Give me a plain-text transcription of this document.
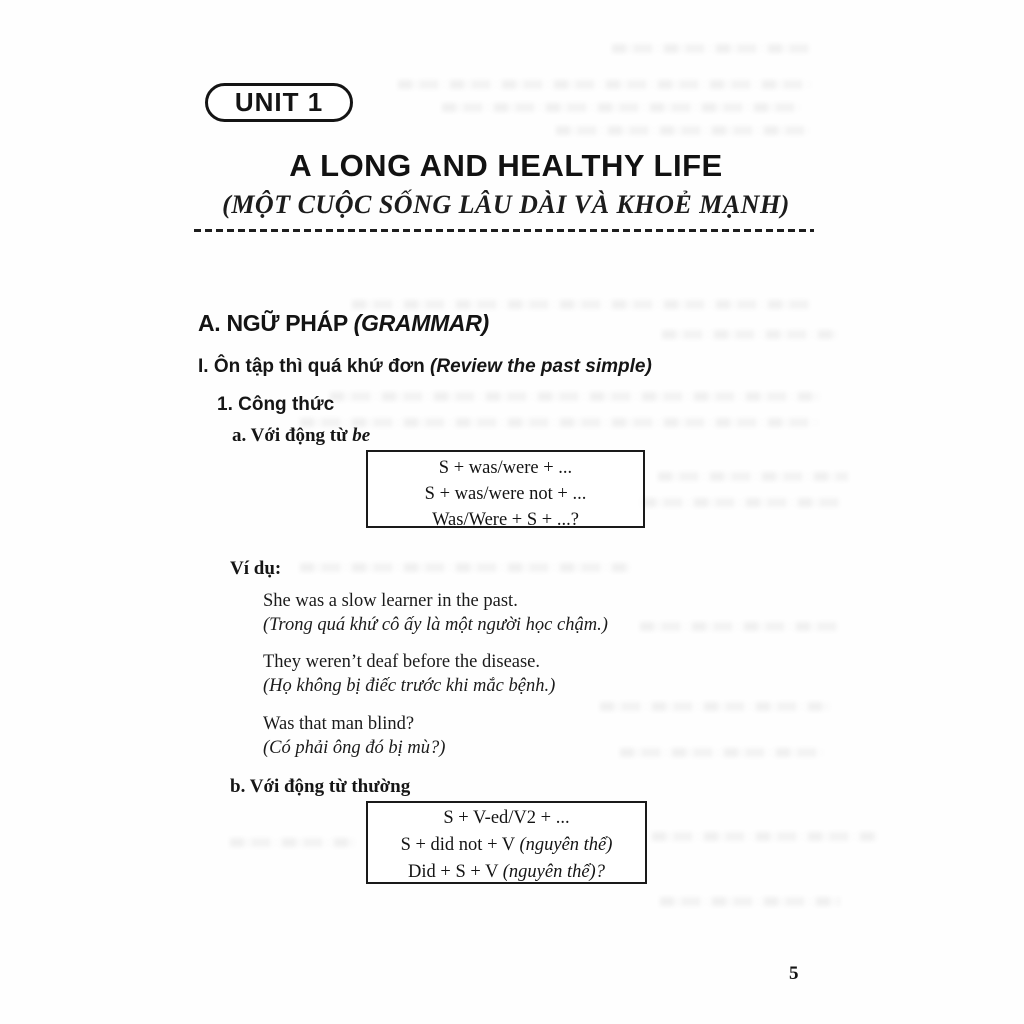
UNIT 1
A LONG AND HEALTHY LIFE
(MỘT CUỘC SỐNG LÂU DÀI VÀ KHOẺ MẠNH)
A. NGỮ PHÁP (GRAMMAR)
I. Ôn tập thì quá khứ đơn (Review the past simple)
1. Công thức
a. Với động từ be
S + was/were + ...
S + was/were not + ...
Was/Were + S + ...?
Ví dụ:
She was a slow learner in the past.
(Trong quá khứ cô ấy là một người học chậm.)
They weren’t deaf before the disease.
(Họ không bị điếc trước khi mắc bệnh.)
Was that man blind?
(Có phải ông đó bị mù?)
b. Với động từ thường
S + V-ed/V2 + ...
S + did not + V (nguyên thể)
Did + S + V (nguyên thể)?
5
